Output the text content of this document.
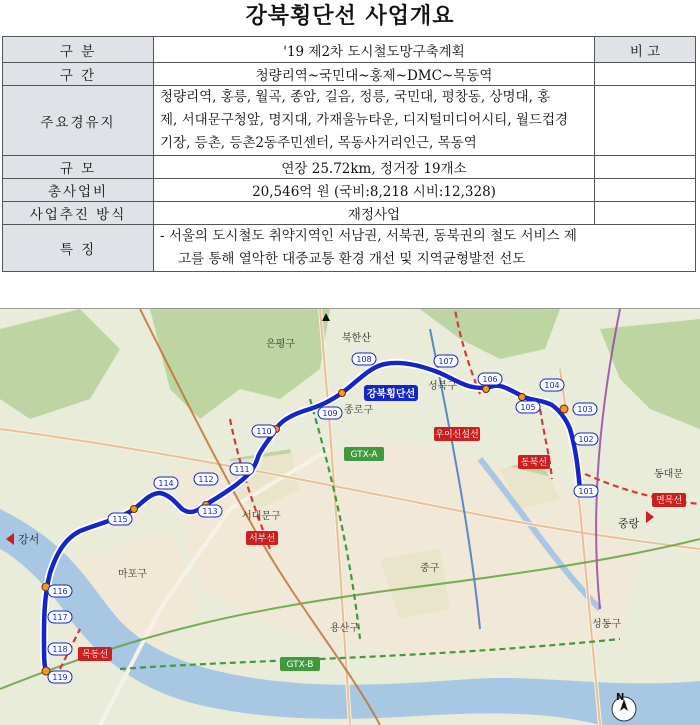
강북횡단선 사업개요
구 분	'19 제2차 도시철도망구축계획	비 고
구 간	청량리역~국민대~홍제~DMC~목동역	
주요경유지	청량리역, 홍릉, 월곡, 종암, 길음, 정릉, 국민대, 평창동, 상명대, 홍
제, 서대문구청앞, 명지대, 가재울뉴타운, 디지털미디어시티, 월드컵경
기장, 등촌, 등촌2동주민센터, 목동사거리인근, 목동역	

규 모	연장 25.72km, 정거장 19개소	
총사업비	20,546억 원 (국비:8,218 시비:12,328)	
사업추진 방식	재정사업	
특 징	- 서울의 도시철도 취약지역인 서남권, 서북권, 동북권의 철도 서비스 제
고를 통해 열악한 대중교통 환경 개선 및 지역균형발전 선도	
101
102
103
104
105
106
107
108
109
110
111
112
113
114
115
116
117
118
119
강북횡단선
은평구
성북구
종로구
동대문
서대문구
마포구
중구
용산구	성동구
북한산
우이신설선
동북선
면목선
서부선
목동선
GTX-A
GTX-B
강서
중랑
N
